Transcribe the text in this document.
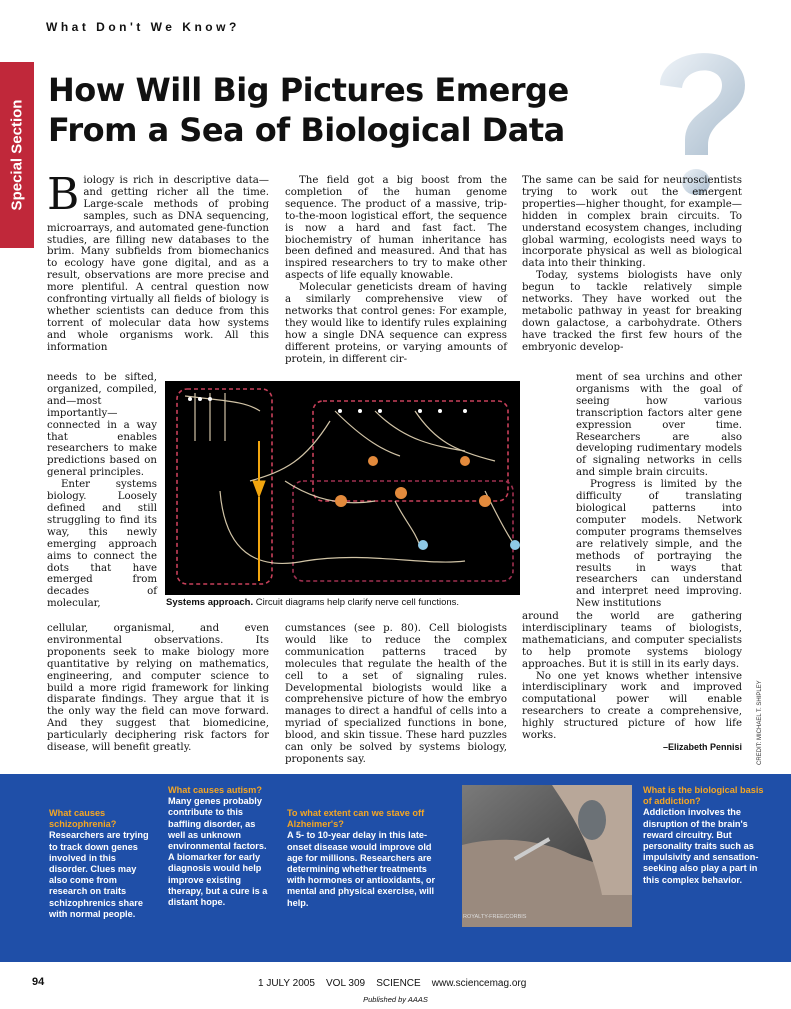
What Don't We Know?
Special Section
How Will Big Pictures Emerge From a Sea of Biological Data

Biology is rich in descriptive data—and getting richer all the time. Large-scale methods of probing samples, such as DNA sequencing, microarrays, and automated gene-function studies, are filling new databases to the brim. Many subfields from biomechanics to ecology have gone digital, and as a result, observations are more precise and more plentiful. A central question now confronting virtually all fields of biology is whether scientists can deduce from this torrent of molecular data how systems and whole organisms work. All this information

needs to be sifted, organized, compiled, and—most importantly—connected in a way that enables researchers to make predictions based on general principles.

Enter systems biology. Loosely defined and still struggling to find its way, this newly emerging approach aims to connect the dots that have emerged from decades of molecular,

cellular, organismal, and even environmental observations. Its proponents seek to make biology more quantitative by relying on mathematics, engineering, and computer science to build a more rigid framework for linking disparate findings. They argue that it is the only way the field can move forward. And they suggest that biomedicine, particularly deciphering risk factors for disease, will benefit greatly.

The field got a big boost from the completion of the human genome sequence. The product of a massive, trip-to-the-moon logistical effort, the sequence is now a hard and fast fact. The biochemistry of human inheritance has been defined and measured. And that has inspired researchers to try to make other aspects of life equally knowable.

Molecular geneticists dream of having a similarly comprehensive view of networks that control genes: For example, they would like to identify rules explaining how a single DNA sequence can express different proteins, or varying amounts of protein, in different cir-

cumstances (see p. 80). Cell biologists would like to reduce the complex communication patterns traced by molecules that regulate the health of the cell to a set of signaling rules. Developmental biologists would like a comprehensive picture of how the embryo manages to direct a handful of cells into a myriad of specialized functions in bone, blood, and skin tissue. These hard puzzles can only be solved by systems biology, proponents say.

The same can be said for neuroscientists trying to work out the emergent properties—higher thought, for example—hidden in complex brain circuits. To understand ecosystem changes, including global warming, ecologists need ways to incorporate physical as well as biological data into their thinking.

Today, systems biologists have only begun to tackle relatively simple networks. They have worked out the metabolic pathway in yeast for breaking down galactose, a carbohydrate. Others have tracked the first few hours of the embryonic develop-

ment of sea urchins and other organisms with the goal of seeing how various transcription factors alter gene expression over time. Researchers are also developing rudimentary models of signaling networks in cells and simple brain circuits.

Progress is limited by the difficulty of translating biological patterns into computer models. Network computer programs themselves are relatively simple, and the methods of portraying the results in ways that researchers can understand and interpret need improving. New institutions

around the world are gathering interdisciplinary teams of biologists, mathematicians, and computer specialists to help promote systems biology approaches. But it is still in its early days.

No one yet knows whether intensive interdisciplinary work and improved computational power will enable researchers to create a comprehensive, highly structured picture of how life works.

–Elizabeth Pennisi
Systems approach. Circuit diagrams help clarify nerve cell functions.
CREDIT: MICHAEL T. SHIPLEY
What causes schizophrenia?
Researchers are trying to track down genes involved in this disorder. Clues may also come from research on traits schizophrenics share with normal people.
What causes autism?
Many genes probably contribute to this baffling disorder, as well as unknown environmental factors. A biomarker for early diagnosis would help improve existing therapy, but a cure is a distant hope.
To what extent can we stave off Alzheimer's?
A 5- to 10-year delay in this late-onset disease would improve old age for millions. Researchers are determining whether treatments with hormones or antioxidants, or mental and physical exercise, will help.
ROYALTY-FREE/CORBIS
What is the biological basis of addiction?
Addiction involves the disruption of the brain's reward circuitry. But personality traits such as impulsivity and sensation-seeking also play a part in this complex behavior.
94	1 JULY 2005    VOL 309    SCIENCE    www.sciencemag.org
Published by AAAS
